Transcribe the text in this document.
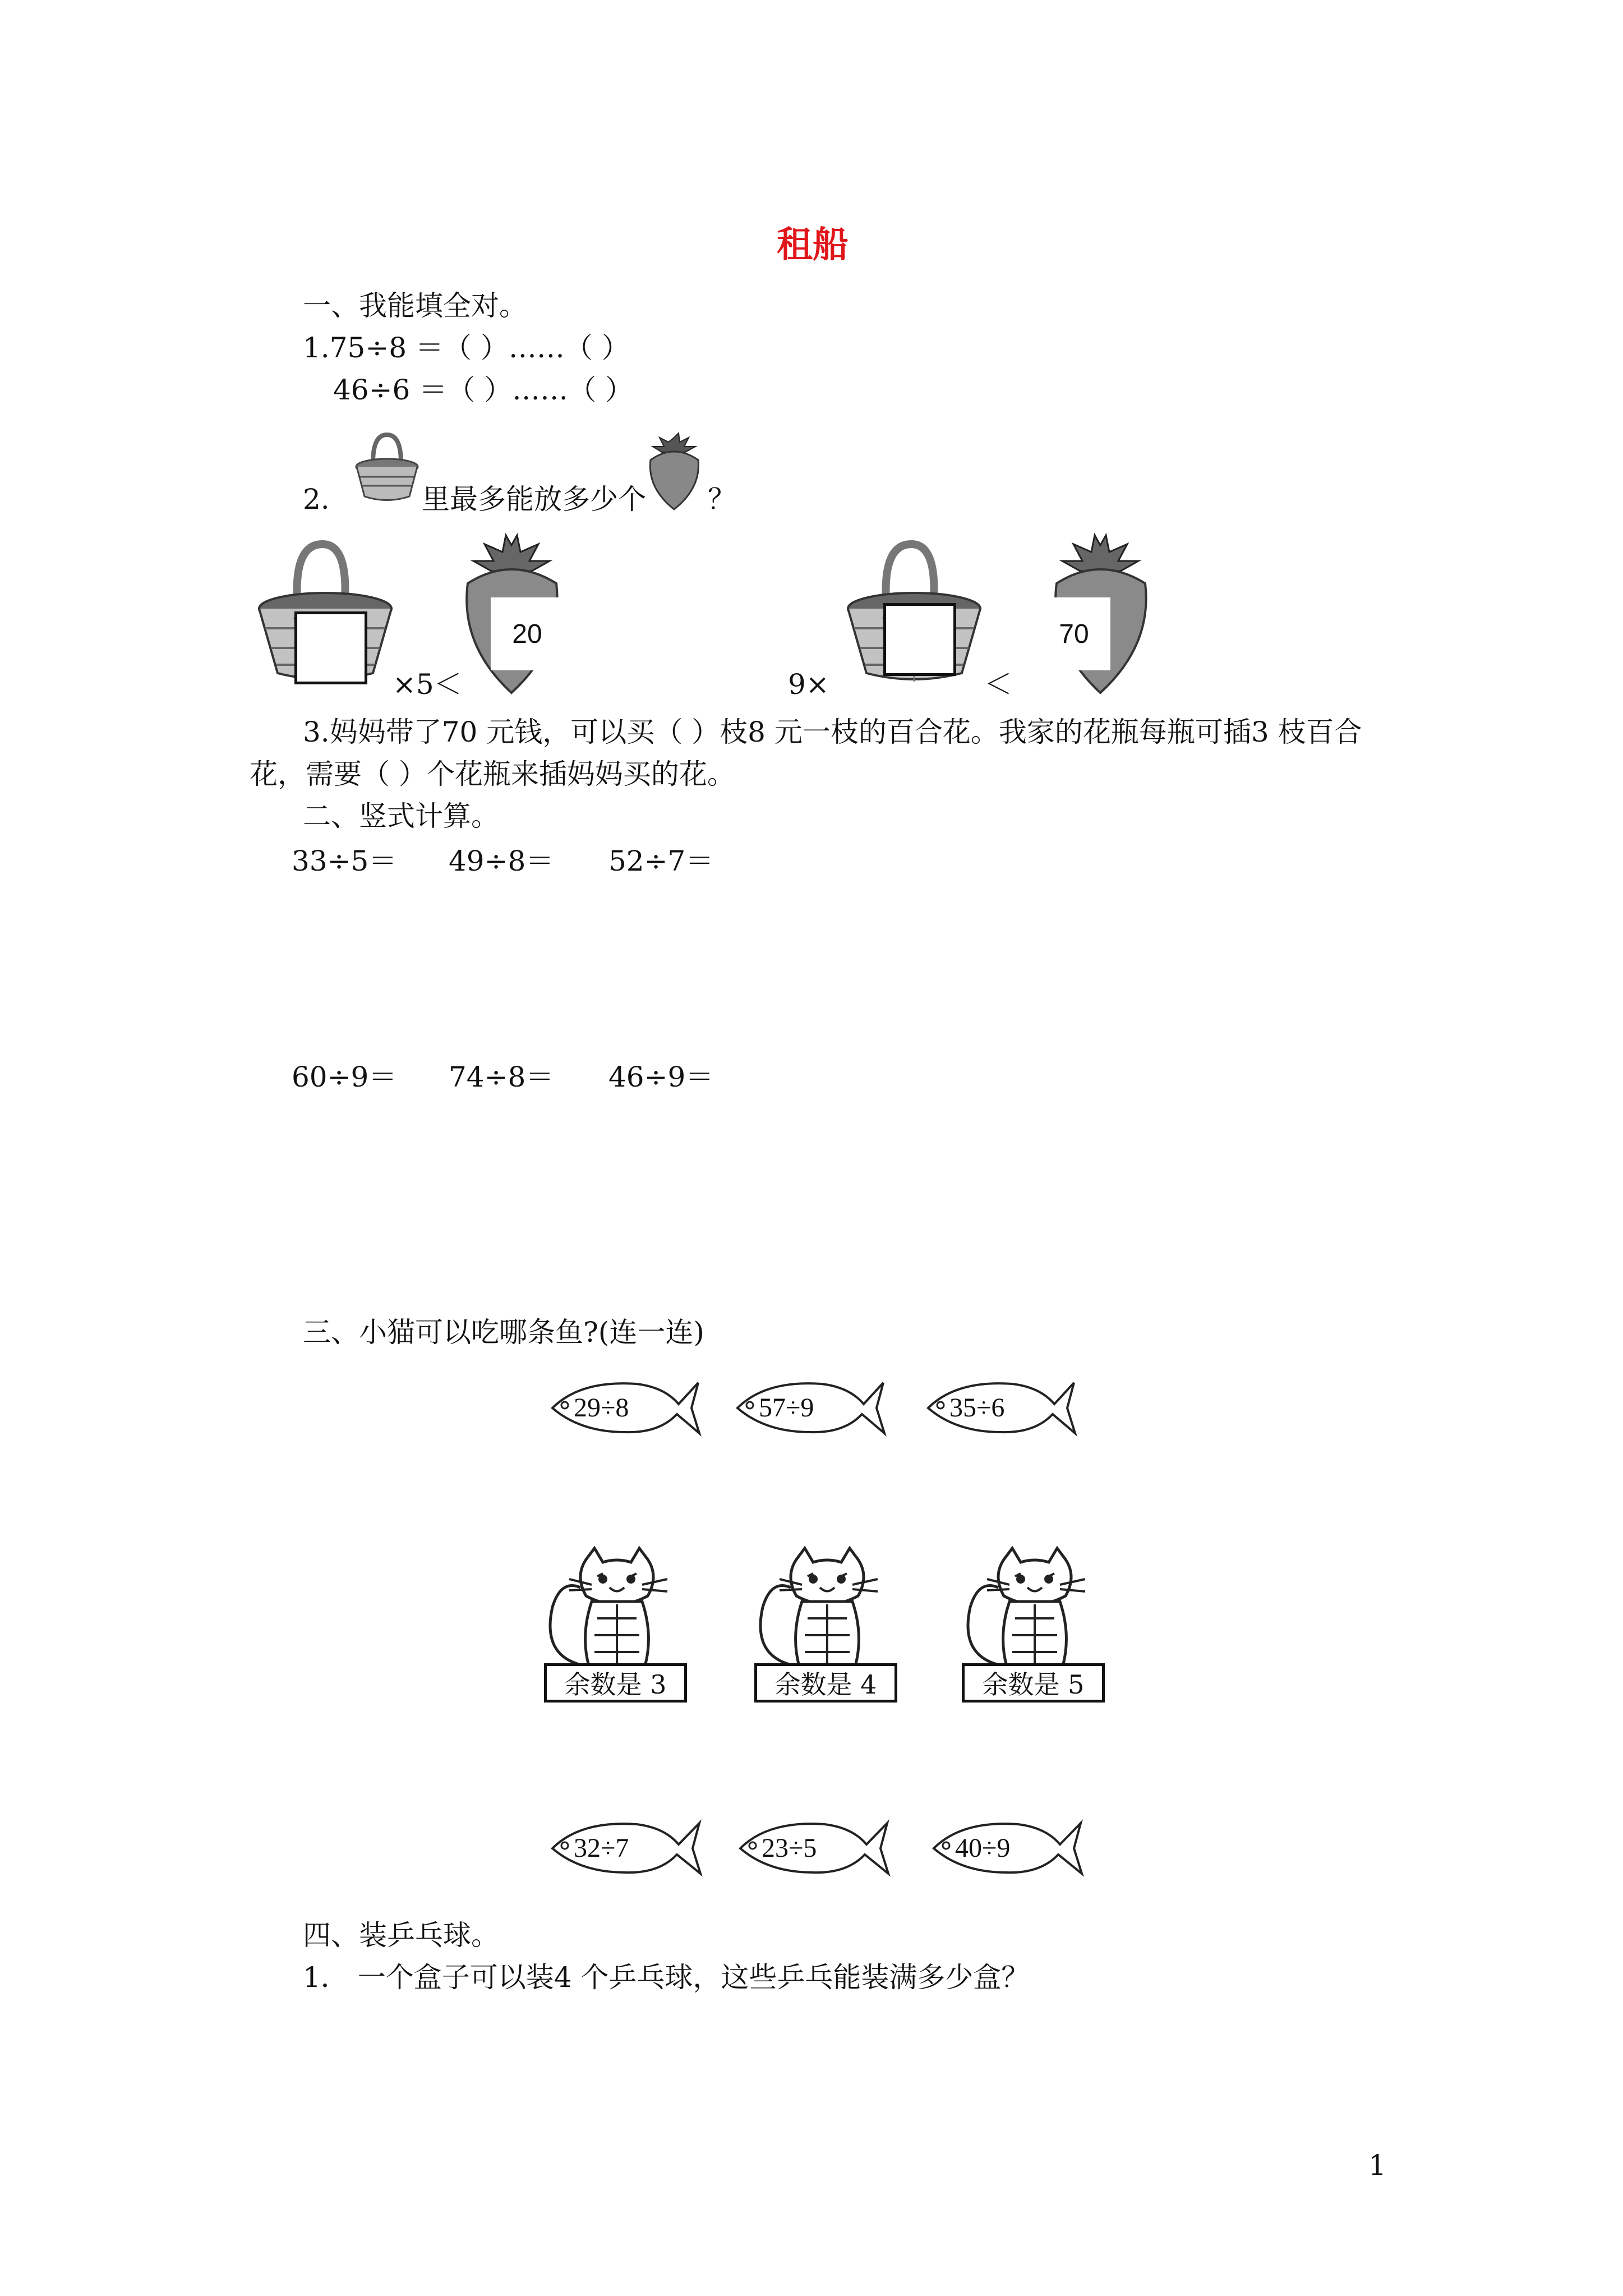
租船
一、我能填全对。
1.75÷8 ＝（ ）……（ ）
46÷6 ＝（ ）……（ ）
2.	里最多能放多少个 ？
×5＜
20
9×	＜
70
3.妈妈带了70 元钱，可以买（ ）枝8 元一枝的百合花。我家的花瓶每瓶可插3 枝百合
花，需要（ ）个花瓶来插妈妈买的花。
二、竖式计算。
33÷5＝ 49÷8＝ 52÷7＝
60÷9＝ 74÷8＝ 46÷9＝
三、小猫可以吃哪条鱼?(连一连)
29÷8	57÷9	35÷6
余数是 3	余数是 4	余数是 5
32÷7	23÷5	40÷9
四、装乒乓球。
1． 一个盒子可以装4 个乒乓球，这些乒乓能装满多少盒？
1
